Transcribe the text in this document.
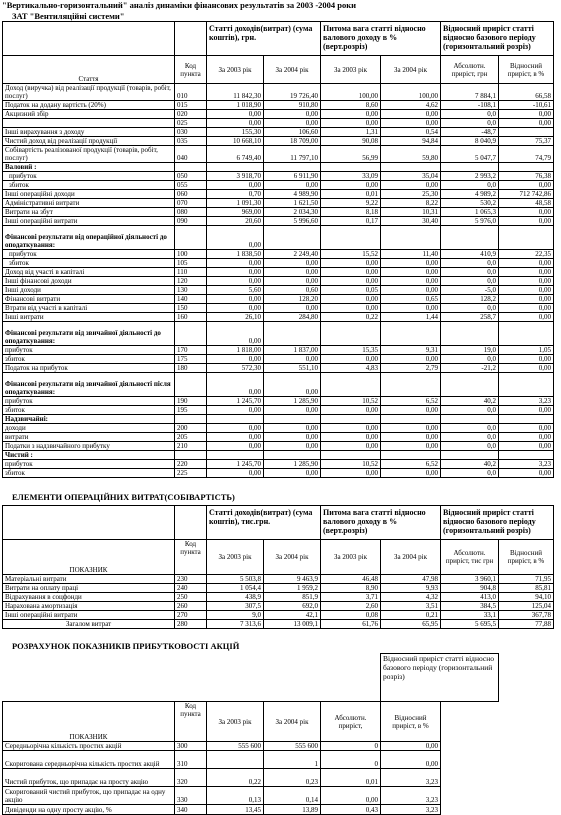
"Вертикально-горизонтальний" аналіз динаміки фінансових результатів за 2003 -2004 роки
ЗАТ "Вентиляційні системи"
		Статті доходів(витрат) (сума коштів), грн.		Питома вага статті відносно валового доходу в %(верт.розріз)		Відносний приріст статті відносно базового періоду (горизонтальний розріз)	
Стаття	Код пункта	За 2003 рік	За 2004 рік	За 2003 рік	За 2004 рік	Абсолютн. приріст, грн	Відносний приріст, в %
Доход (виручка) від реалізації продукції (товарів, робіт, послуг)	010	11 842,30	19 726,40	100,00	100,00	7 884,1	66,58
Податок на додану вартість (20%)	015	1 018,90	910,80	8,60	4,62	-108,1	-10,61
Акцизний збір	020	0,00	0,00	0,00	0,00	0,0	0,00
	025	0,00	0,00	0,00	0,00	0,0	0,00
Інші вирахування з доходу	030	155,30	106,60	1,31	0,54	-48,7	
Чистий доход від реалізації продукції	035	10 668,10	18 709,00	90,08	94,84	8 040,9	75,37
Собівартість реалізованої продукції (товарів, робіт, послуг)	040	6 749,40	11 797,10	56,99	59,80	5 047,7	74,79
Валовий :							
прибуток	050	3 918,70	6 911,90	33,09	35,04	2 993,2	76,38
збиток	055	0,00	0,00	0,00	0,00	0,0	0,00
Інші операційні доходи	060	0,70	4 989,90	0,01	25,30	4 989,2	712 742,86
Адміністративні витрати	070	1 091,30	1 621,50	9,22	8,22	530,2	48,58
Витрати на збут	080	969,00	2 034,30	8,18	10,31	1 065,3	0,00
Інші операційні витрати	090	20,60	5 996,60	0,17	30,40	5 976,0	0,00
Фінансові результати від операційної діяльності до оподаткування:		0,00					
прибуток	100	1 838,50	2 249,40	15,52	11,40	410,9	22,35
збиток	105	0,00	0,00	0,00	0,00	0,0	0,00
Доход від участі в капіталі	110	0,00	0,00	0,00	0,00	0,0	0,00
Інші фінансові доходи	120	0,00	0,00	0,00	0,00	0,0	0,00
Інші доходи	130	5,60	0,60	0,05	0,00	-5,0	0,00
Фінансові витрати	140	0,00	128,20	0,00	0,65	128,2	0,00
Втрати від участі в капіталі	150	0,00	0,00	0,00	0,00	0,0	0,00
Інші витрати	160	26,10	284,80	0,22	1,44	258,7	0,00
Фінансові результати від звичайної діяльності до оподаткування:		0,00					
прибуток	170	1 818,00	1 837,00	15,35	9,31	19,0	1,05
збиток	175	0,00	0,00	0,00	0,00	0,0	0,00
Податок на прибуток	180	572,30	551,10	4,83	2,79	-21,2	0,00
Фінансові результати від звичайної діяльності після оподаткування:		0,00	0,00				
прибуток	190	1 245,70	1 285,90	10,52	6,52	40,2	3,23
збиток	195	0,00	0,00	0,00	0,00	0,0	0,00
Надзвичайні:							
доходи	200	0,00	0,00	0,00	0,00	0,0	0,00
витрати	205	0,00	0,00	0,00	0,00	0,0	0,00
Податки з надзвичайного прибутку	210	0,00	0,00	0,00	0,00	0,0	0,00
Чистий :							
прибуток	220	1 245,70	1 285,90	10,52	6,52	40,2	3,23
збиток	225	0,00	0,00	0,00	0,00	0,0	0,00
ЕЛЕМЕНТИ ОПЕРАЦІЙНИХ ВИТРАТ(СОБІВАРТІСТЬ)
		Статті доходів(витрат) (сума коштів), тис.грн.		Питома вага статті відносно валового доходу в %(верт.розріз)		Відносний приріст статті відносно базового періоду (горизонтальний розріз)	
ПОКАЗНИК	Код пункта	За 2003 рік	За 2004 рік	За 2003 рік	За 2004 рік	Абсолютн. приріст, тис грн	Відносний приріст, в %
Матеріальні витрати	230	5 503,8	9 463,9	46,48	47,98	3 960,1	71,95
Витрати на оплату праці	240	1 054,4	1 959,2	8,90	9,93	904,8	85,81
Відрахування в соцфонди	250	438,9	851,9	3,71	4,32	413,0	94,10
Нарахована амортизація	260	307,5	692,0	2,60	3,51	384,5	125,04
Інші операційні витрати	270	9,0	42,1	0,08	0,21	33,1	367,78
Загалом витрат	280	7 313,6	13 009,1	61,76	65,95	5 695,5	77,88
РОЗРАХУНОК ПОКАЗНИКІВ ПРИБУТКОВОСТІ АКЦІЙ
					Відносний приріст статті відносно базового періоду (горизонтальний розріз)		
ПОКАЗНИК	Код пункта	За 2003 рік	За 2004 рік	Абсолютн. приріст,	Відносний приріст, в %		
Середньорічна кількість простих акцій	300	555 600	555 600	0	0,00		
Скоригована середньорічна кількість простих акцій	310		1	0	0,00		
Чистий прибуток, що припадає на просту акцію	320	0,22	0,23	0,01	3,23		
Скоригований чистий прибуток, що припадає на одну акцію	330	0,13	0,14	0,00	3,23		
Дивіденди на одну просту акцію, %	340	13,45	13,89	0,43	3,23		
